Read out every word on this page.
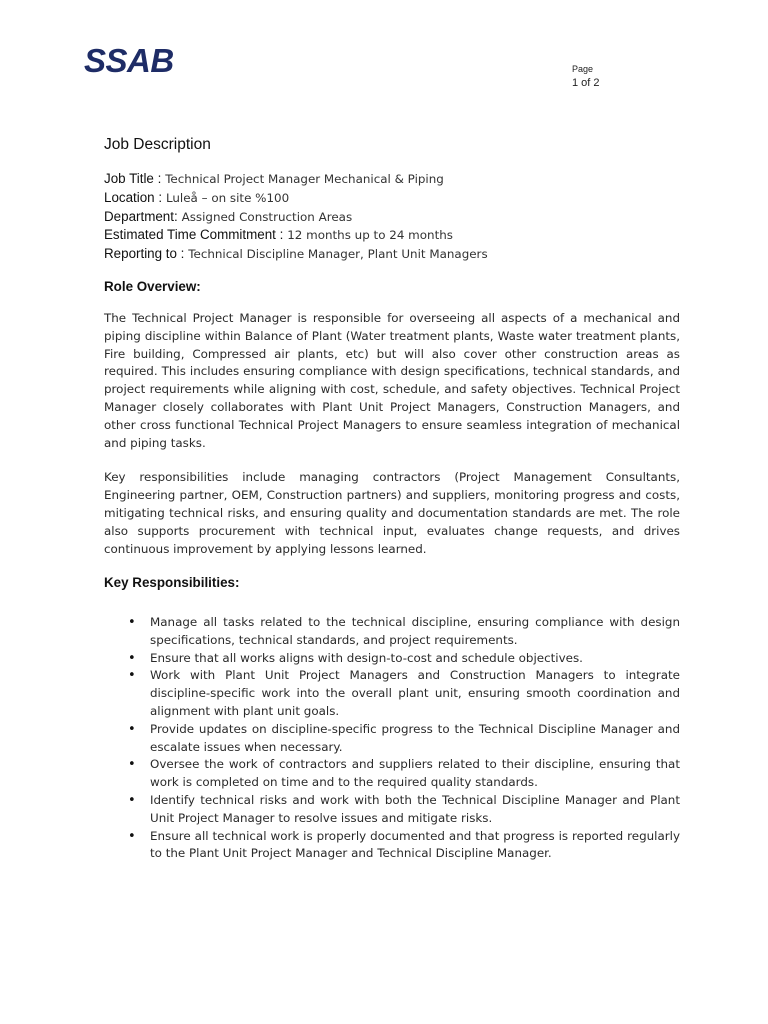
SSAB	Page
1 of 2
Job Description
Job Title : Technical Project Manager Mechanical & Piping
Location : Luleå – on site %100
Department: Assigned Construction Areas
Estimated Time Commitment : 12 months up to 24 months
Reporting to : Technical Discipline Manager, Plant Unit Managers
Role Overview:

The Technical Project Manager is responsible for overseeing all aspects of a mechanical and piping discipline within Balance of Plant (Water treatment plants, Waste water treatment plants, Fire building, Compressed air plants, etc) but will also cover other construction areas as required. This includes ensuring compliance with design specifications, technical standards, and project requirements while aligning with cost, schedule, and safety objectives. Technical Project Manager closely collaborates with Plant Unit Project Managers, Construction Managers, and other cross functional Technical Project Managers to ensure seamless integration of mechanical and piping tasks.

Key responsibilities include managing contractors (Project Management Consultants, Engineering partner, OEM, Construction partners) and suppliers, monitoring progress and costs, mitigating technical risks, and ensuring quality and documentation standards are met. The role also supports procurement with technical input, evaluates change requests, and drives continuous improvement by applying lessons learned.

Key Responsibilities:
• Manage all tasks related to the technical discipline, ensuring compliance with design specifications, technical standards, and project requirements.
• Ensure that all works aligns with design-to-cost and schedule objectives.
• Work with Plant Unit Project Managers and Construction Managers to integrate discipline-specific work into the overall plant unit, ensuring smooth coordination and alignment with plant unit goals.
• Provide updates on discipline-specific progress to the Technical Discipline Manager and escalate issues when necessary.
• Oversee the work of contractors and suppliers related to their discipline, ensuring that work is completed on time and to the required quality standards.
• Identify technical risks and work with both the Technical Discipline Manager and Plant Unit Project Manager to resolve issues and mitigate risks.
• Ensure all technical work is properly documented and that progress is reported regularly to the Plant Unit Project Manager and Technical Discipline Manager.
